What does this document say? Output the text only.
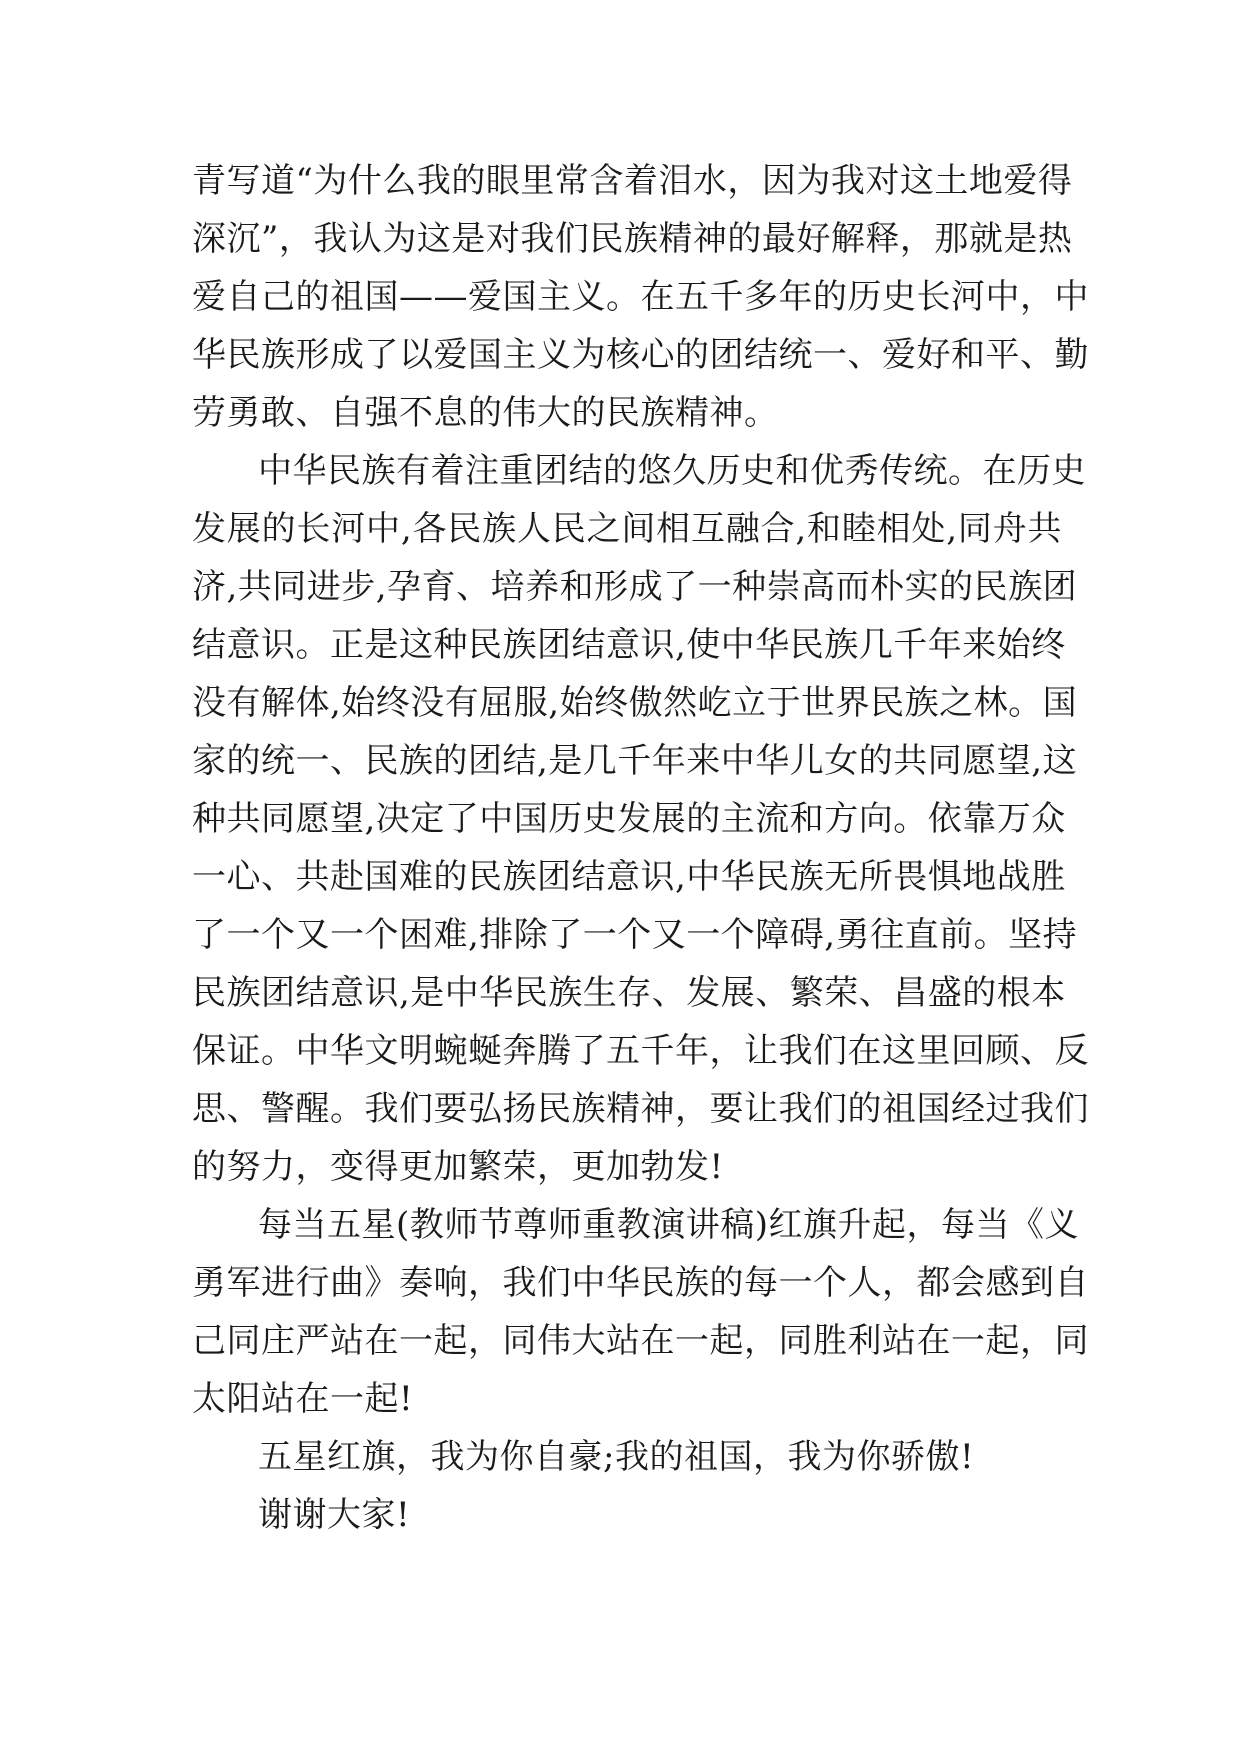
青写道“为什么我的眼里常含着泪水，因为我对这土地爱得
深沉”，我认为这是对我们民族精神的最好解释，那就是热
爱自己的祖国——爱国主义。在五千多年的历史长河中，中
华民族形成了以爱国主义为核心的团结统一、爱好和平、勤
劳勇敢、自强不息的伟大的民族精神。
中华民族有着注重团结的悠久历史和优秀传统。在历史
发展的长河中,各民族人民之间相互融合,和睦相处,同舟共
济,共同进步,孕育、培养和形成了一种崇高而朴实的民族团
结意识。正是这种民族团结意识,使中华民族几千年来始终
没有解体,始终没有屈服,始终傲然屹立于世界民族之林。国
家的统一、民族的团结,是几千年来中华儿女的共同愿望,这
种共同愿望,决定了中国历史发展的主流和方向。依靠万众
一心、共赴国难的民族团结意识,中华民族无所畏惧地战胜
了一个又一个困难,排除了一个又一个障碍,勇往直前。坚持
民族团结意识,是中华民族生存、发展、繁荣、昌盛的根本
保证。中华文明蜿蜒奔腾了五千年，让我们在这里回顾、反
思、警醒。我们要弘扬民族精神，要让我们的祖国经过我们
的努力，变得更加繁荣，更加勃发!
每当五星(教师节尊师重教演讲稿)红旗升起，每当《义
勇军进行曲》奏响，我们中华民族的每一个人，都会感到自
己同庄严站在一起，同伟大站在一起，同胜利站在一起，同
太阳站在一起!
五星红旗，我为你自豪;我的祖国，我为你骄傲!
谢谢大家!
